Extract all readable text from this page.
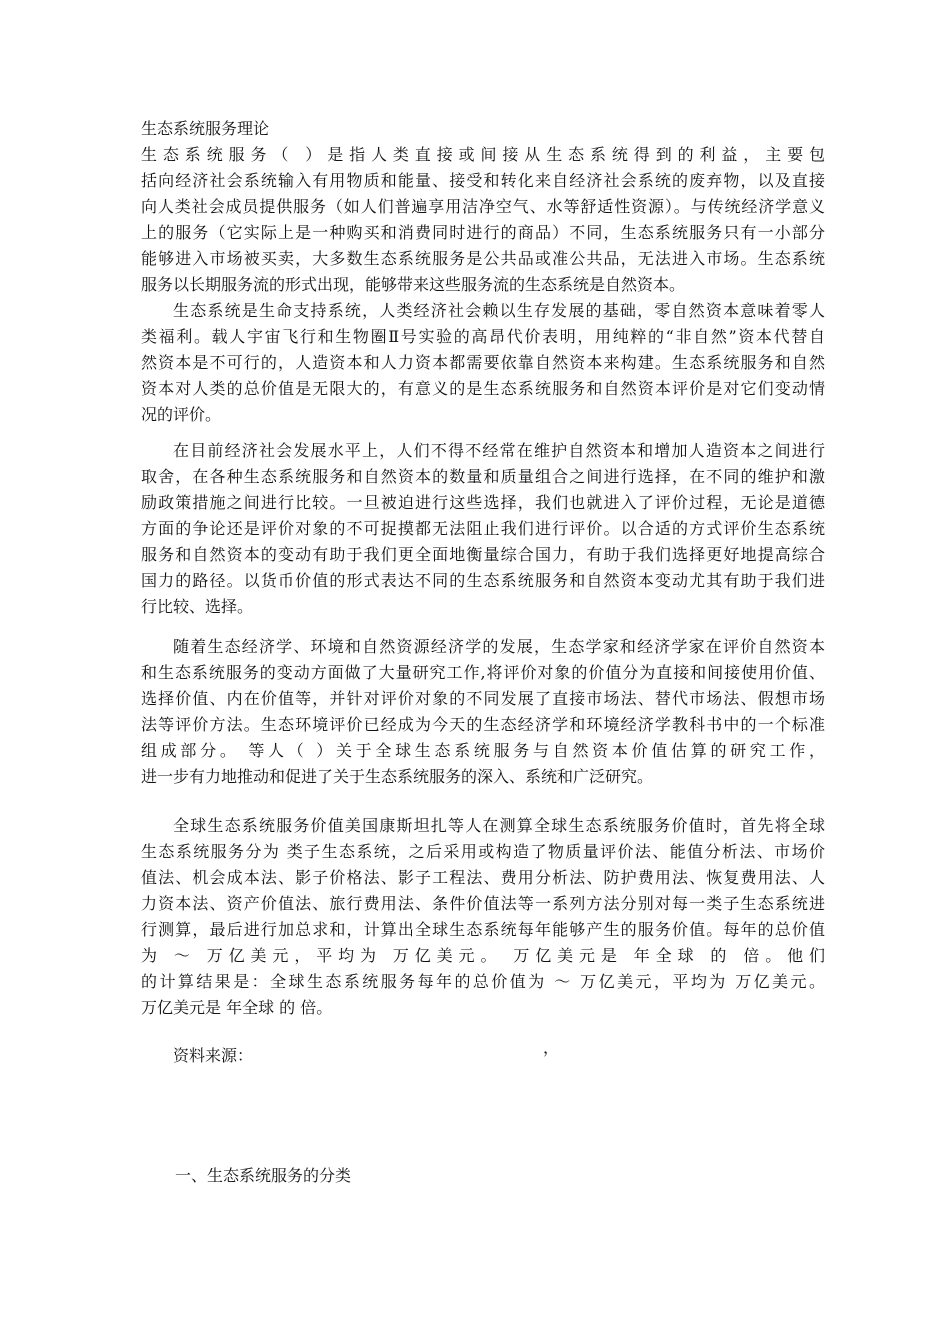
生态系统服务理论

生态系统服务（ ）是指人类直接或间接从生态系统得到的利益，主要包

括向经济社会系统输入有用物质和能量、接受和转化来自经济社会系统的废弃物，以及直接

向人类社会成员提供服务（如人们普遍享用洁净空气、水等舒适性资源）。与传统经济学意义

上的服务（它实际上是一种购买和消费同时进行的商品）不同，生态系统服务只有一小部分

能够进入市场被买卖，大多数生态系统服务是公共品或准公共品，无法进入市场。生态系统

服务以长期服务流的形式出现，能够带来这些服务流的生态系统是自然资本。

生态系统是生命支持系统，人类经济社会赖以生存发展的基础，零自然资本意味着零人

类福利。载人宇宙飞行和生物圈Ⅱ号实验的高昂代价表明，用纯粹的“非自然”资本代替自

然资本是不可行的，人造资本和人力资本都需要依靠自然资本来构建。生态系统服务和自然

资本对人类的总价值是无限大的，有意义的是生态系统服务和自然资本评价是对它们变动情

况的评价。

在目前经济社会发展水平上，人们不得不经常在维护自然资本和增加人造资本之间进行

取舍，在各种生态系统服务和自然资本的数量和质量组合之间进行选择，在不同的维护和激

励政策措施之间进行比较。一旦被迫进行这些选择，我们也就进入了评价过程，无论是道德

方面的争论还是评价对象的不可捉摸都无法阻止我们进行评价。以合适的方式评价生态系统

服务和自然资本的变动有助于我们更全面地衡量综合国力，有助于我们选择更好地提高综合

国力的路径。以货币价值的形式表达不同的生态系统服务和自然资本变动尤其有助于我们进

行比较、选择。

随着生态经济学、环境和自然资源经济学的发展，生态学家和经济学家在评价自然资本

和生态系统服务的变动方面做了大量研究工作,将评价对象的价值分为直接和间接使用价值、

选择价值、内在价值等，并针对评价对象的不同发展了直接市场法、替代市场法、假想市场

法等评价方法。生态环境评价已经成为今天的生态经济学和环境经济学教科书中的一个标准

组成部分。 等人（ ）关于全球生态系统服务与自然资本价值估算的研究工作，

进一步有力地推动和促进了关于生态系统服务的深入、系统和广泛研究。

全球生态系统服务价值美国康斯坦扎等人在测算全球生态系统服务价值时，首先将全球

生态系统服务分为 类子生态系统，之后采用或构造了物质量评价法、能值分析法、市场价

值法、机会成本法、影子价格法、影子工程法、费用分析法、防护费用法、恢复费用法、人

力资本法、资产价值法、旅行费用法、条件价值法等一系列方法分别对每一类子生态系统进

行测算，最后进行加总求和，计算出全球生态系统每年能够产生的服务价值。每年的总价值

为 ～ 万亿美元，平均为 万亿美元。 万亿美元是 年全球 的 倍。他们

的计算结果是：全球生态系统服务每年的总价值为 ～ 万亿美元，平均为 万亿美元。

万亿美元是 年全球 的 倍。

资料来源：	，

一、生态系统服务的分类
